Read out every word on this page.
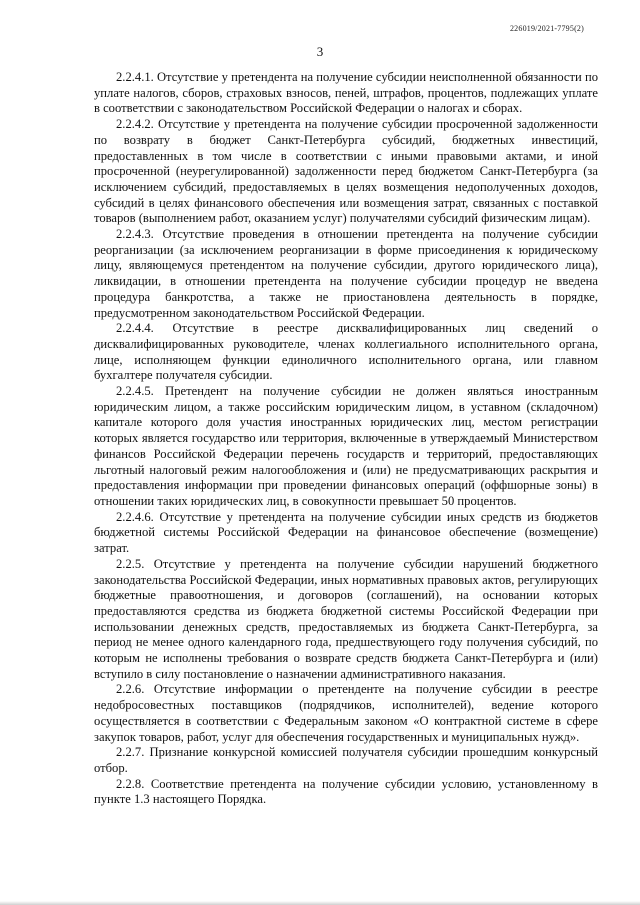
226019/2021-7795(2)
3

2.2.4.1. Отсутствие у претендента на получение субсидии неисполненной обязанности по уплате налогов, сборов, страховых взносов, пеней, штрафов, процентов, подлежащих уплате в соответствии с законодательством Российской Федерации о налогах и сборах.

2.2.4.2. Отсутствие у претендента на получение субсидии просроченной задолженности по возврату в бюджет Санкт-Петербурга субсидий, бюджетных инвестиций, предоставленных в том числе в соответствии с иными правовыми актами, и иной просроченной (неурегулированной) задолженности перед бюджетом Санкт-Петербурга (за исключением субсидий, предоставляемых в целях возмещения недополученных доходов, субсидий в целях финансового обеспечения или возмещения затрат, связанных с поставкой товаров (выполнением работ, оказанием услуг) получателями субсидий физическим лицам).

2.2.4.3. Отсутствие проведения в отношении претендента на получение субсидии реорганизации (за исключением реорганизации в форме присоединения к юридическому лицу, являющемуся претендентом на получение субсидии, другого юридического лица), ликвидации, в отношении претендента на получение субсидии процедур не введена процедура банкротства, а также не приостановлена деятельность в порядке, предусмотренном законодательством Российской Федерации.

2.2.4.4. Отсутствие в реестре дисквалифицированных лиц сведений о дисквалифицированных руководителе, членах коллегиального исполнительного органа, лице, исполняющем функции единоличного исполнительного органа, или главном бухгалтере получателя субсидии.

2.2.4.5. Претендент на получение субсидии не должен являться иностранным юридическим лицом, а также российским юридическим лицом, в уставном (складочном) капитале которого доля участия иностранных юридических лиц, местом регистрации которых является государство или территория, включенные в утверждаемый Министерством финансов Российской Федерации перечень государств и территорий, предоставляющих льготный налоговый режим налогообложения и (или) не предусматривающих раскрытия и предоставления информации при проведении финансовых операций (оффшорные зоны) в отношении таких юридических лиц, в совокупности превышает 50 процентов.

2.2.4.6. Отсутствие у претендента на получение субсидии иных средств из бюджетов бюджетной системы Российской Федерации на финансовое обеспечение (возмещение) затрат.

2.2.5. Отсутствие у претендента на получение субсидии нарушений бюджетного законодательства Российской Федерации, иных нормативных правовых актов, регулирующих бюджетные правоотношения, и договоров (соглашений), на основании которых предоставляются средства из бюджета бюджетной системы Российской Федерации при использовании денежных средств, предоставляемых из бюджета Санкт-Петербурга, за период не менее одного календарного года, предшествующего году получения субсидий, по которым не исполнены требования о возврате средств бюджета Санкт-Петербурга и (или) вступило в силу постановление о назначении административного наказания.

2.2.6. Отсутствие информации о претенденте на получение субсидии в реестре недобросовестных поставщиков (подрядчиков, исполнителей), ведение которого осуществляется в соответствии с Федеральным законом «О контрактной системе в сфере закупок товаров, работ, услуг для обеспечения государственных и муниципальных нужд».

2.2.7. Признание конкурсной комиссией получателя субсидии прошедшим конкурсный отбор.

2.2.8. Соответствие претендента на получение субсидии условию, установленному в пункте 1.3 настоящего Порядка.
